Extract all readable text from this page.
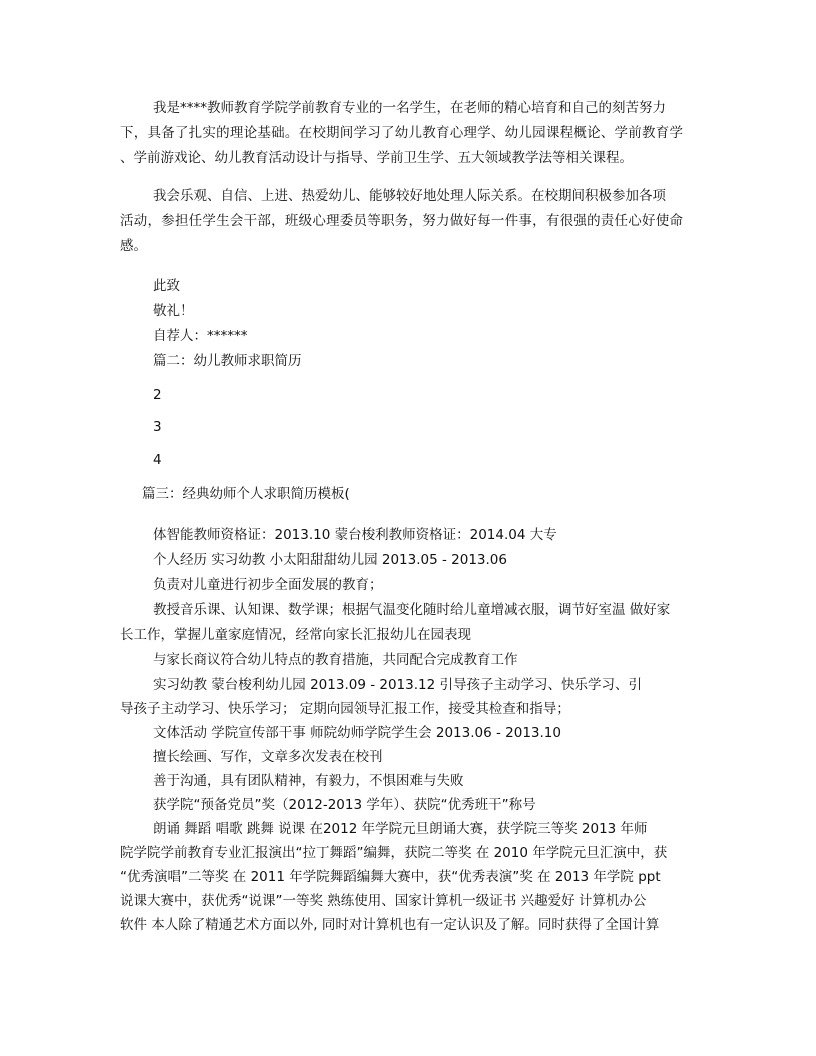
我是****教师教育学院学前教育专业的一名学生，在老师的精心培育和自己的刻苦努力
下，具备了扎实的理论基础。在校期间学习了幼儿教育心理学、幼儿园课程概论、学前教育学
、学前游戏论、幼儿教育活动设计与指导、学前卫生学、五大领域教学法等相关课程。
我会乐观、自信、上进、热爱幼儿、能够较好地处理人际关系。在校期间积极参加各项
活动，参担任学生会干部，班级心理委员等职务，努力做好每一件事，有很强的责任心好使命
感。
此致
敬礼！
自荐人：******
篇二：幼儿教师求职简历
2
3
4
篇三：经典幼师个人求职简历模板(
体智能教师资格证：2013.10 蒙台梭利教师资格证：2014.04 大专
个人经历 实习幼教 小太阳甜甜幼儿园 2013.05 - 2013.06
负责对儿童进行初步全面发展的教育；
教授音乐课、认知课、数学课；根据气温变化随时给儿童增减衣服，调节好室温 做好家
长工作，掌握儿童家庭情况，经常向家长汇报幼儿在园表现
与家长商议符合幼儿特点的教育措施，共同配合完成教育工作
实习幼教 蒙台梭利幼儿园 2013.09 - 2013.12 引导孩子主动学习、快乐学习、引
导孩子主动学习、快乐学习； 定期向园领导汇报工作，接受其检查和指导；
文体活动 学院宣传部干事 师院幼师学院学生会 2013.06 - 2013.10
擅长绘画、写作，文章多次发表在校刊
善于沟通，具有团队精神，有毅力，不惧困难与失败
获学院“预备党员”奖（2012-2013 学年）、获院“优秀班干”称号
朗诵 舞蹈 唱歌 跳舞 说课 在2012 年学院元旦朗诵大赛，获学院三等奖 2013 年师
院学院学前教育专业汇报演出“拉丁舞蹈”编舞，获院二等奖 在 2010 年学院元旦汇演中，获
“优秀演唱”二等奖 在 2011 年学院舞蹈编舞大赛中，获“优秀表演”奖 在 2013 年学院 ppt
说课大赛中，获优秀“说课”一等奖 熟练使用、国家计算机一级证书 兴趣爱好 计算机办公
软件 本人除了精通艺术方面以外, 同时对计算机也有一定认识及了解。同时获得了全国计算
